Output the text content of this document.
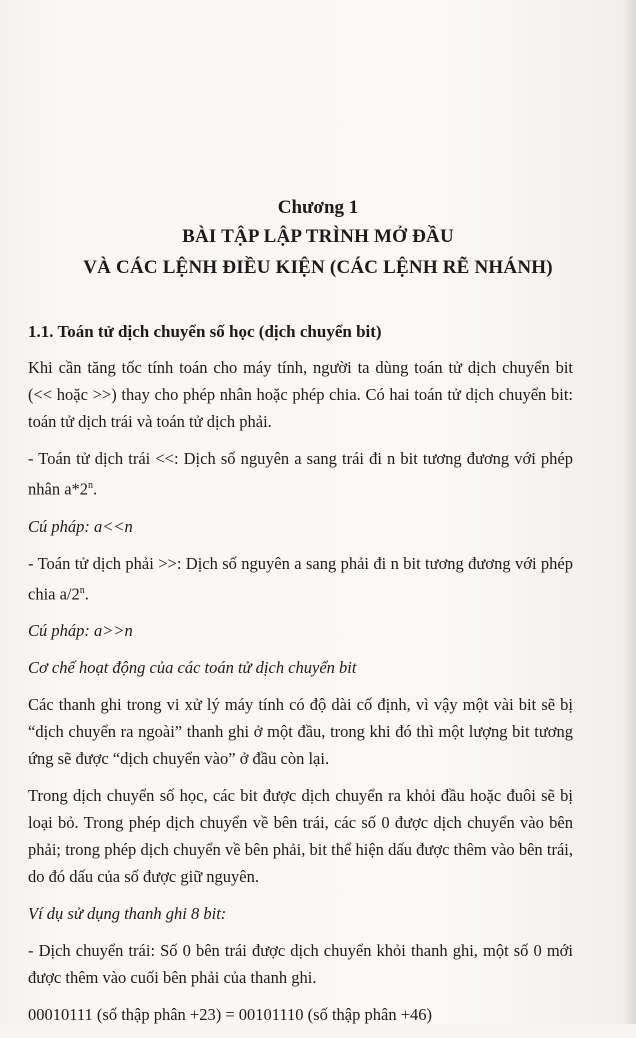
Chương 1
BÀI TẬP LẬP TRÌNH MỞ ĐẦU
VÀ CÁC LỆNH ĐIỀU KIỆN (CÁC LỆNH RẼ NHÁNH)

1.1. Toán tử dịch chuyển số học (dịch chuyển bit)

Khi cần tăng tốc tính toán cho máy tính, người ta dùng toán tử dịch chuyển bit (<< hoặc >>) thay cho phép nhân hoặc phép chia. Có hai toán tử dịch chuyển bit: toán tử dịch trái và toán tử dịch phải.

- Toán tử dịch trái <<: Dịch số nguyên a sang trái đi n bit tương đương với phép nhân a*2$^n$.

Cú pháp: a<<n

- Toán tử dịch phải >>: Dịch số nguyên a sang phải đi n bit tương đương với phép chia a/2$^n$.

Cú pháp: a>>n

Cơ chế hoạt động của các toán tử dịch chuyển bit

Các thanh ghi trong vi xử lý máy tính có độ dài cố định, vì vậy một vài bit sẽ bị “dịch chuyển ra ngoài” thanh ghi ở một đầu, trong khi đó thì một lượng bit tương ứng sẽ được “dịch chuyển vào” ở đầu còn lại.

Trong dịch chuyển số học, các bit được dịch chuyển ra khỏi đầu hoặc đuôi sẽ bị loại bỏ. Trong phép dịch chuyển về bên trái, các số 0 được dịch chuyển vào bên phải; trong phép dịch chuyển về bên phải, bit thể hiện dấu được thêm vào bên trái, do đó dấu của số được giữ nguyên.

Ví dụ sử dụng thanh ghi 8 bit:

- Dịch chuyển trái: Số 0 bên trái được dịch chuyển khỏi thanh ghi, một số 0 mới được thêm vào cuối bên phải của thanh ghi.

00010111 (số thập phân +23) = 00101110 (số thập phân +46)
